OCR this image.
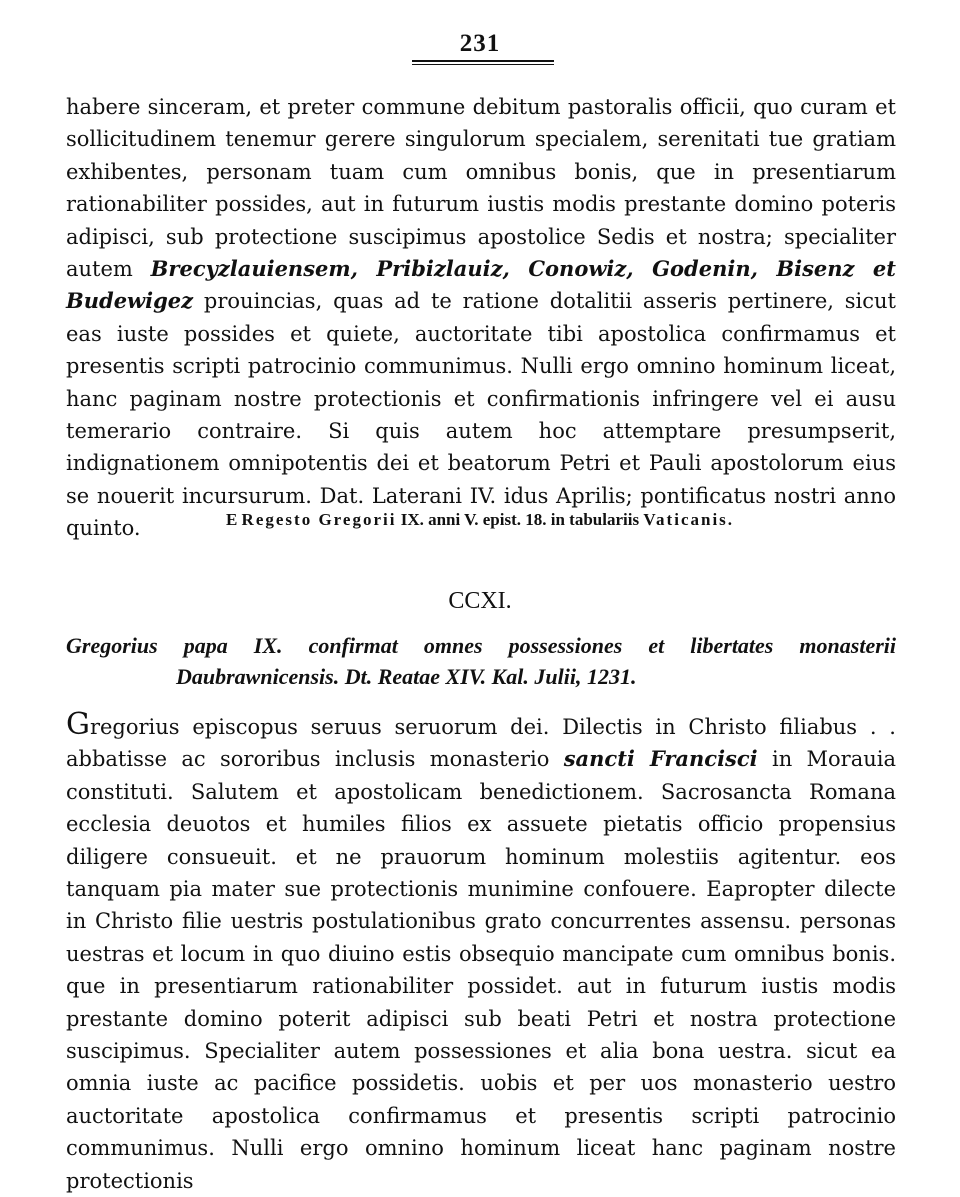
231
habere sinceram, et preter commune debitum pastoralis officii, quo curam et sollicitudinem tenemur gerere singulorum specialem, serenitati tue gratiam exhibentes, personam tuam cum omnibus bonis, que in presentiarum rationabiliter possides, aut in futurum iustis modis prestante domino poteris adipisci, sub protectione suscipimus apostolice Sedis et nostra; specialiter autem Brecyzlauiensem, Pribizlauiz, Conowiz, Godenin, Bisenz et Budewigez prouincias, quas ad te ratione dotalitii asseris pertinere, sicut eas iuste possides et quiete, auctoritate tibi apostolica confirmamus et presentis scripti patrocinio communimus. Nulli ergo omnino hominum liceat, hanc paginam nostre protectionis et confirmationis infringere vel ei ausu temerario contraire. Si quis autem hoc attemptare presumpserit, indignationem omnipotentis dei et beatorum Petri et Pauli apostolorum eius se nouerit incursurum. Dat. Laterani IV. idus Aprilis; pontificatus nostri anno quinto.	E Regesto Gregorii IX. anni V. epist. 18. in tabulariis Vaticanis.
CCXI.
Gregorius papa IX. confirmat omnes possessiones et libertates monasterii
Daubrawnicensis. Dt. Reatae XIV. Kal. Julii, 1231.
Gregorius episcopus seruus seruorum dei. Dilectis in Christo filiabus . . abbatisse ac sororibus inclusis monasterio sancti Francisci in Morauia constituti. Salutem et apostolicam benedictionem. Sacrosancta Romana ecclesia deuotos et humiles filios ex assuete pietatis officio propensius diligere consueuit. et ne prauorum hominum molestiis agitentur. eos tanquam pia mater sue protectionis munimine confouere. Eapropter dilecte in Christo filie uestris postulationibus grato concurrentes assensu. personas uestras et locum in quo diuino estis obsequio mancipate cum omnibus bonis. que in presentiarum rationabiliter possidet. aut in futurum iustis modis prestante domino poterit adipisci sub beati Petri et nostra protectione suscipimus. Specialiter autem possessiones et alia bona uestra. sicut ea omnia iuste ac pacifice possidetis. uobis et per uos monasterio uestro auctoritate apostolica confirmamus et presentis scripti patrocinio communimus. Nulli ergo omnino hominum liceat hanc paginam nostre protectionis
